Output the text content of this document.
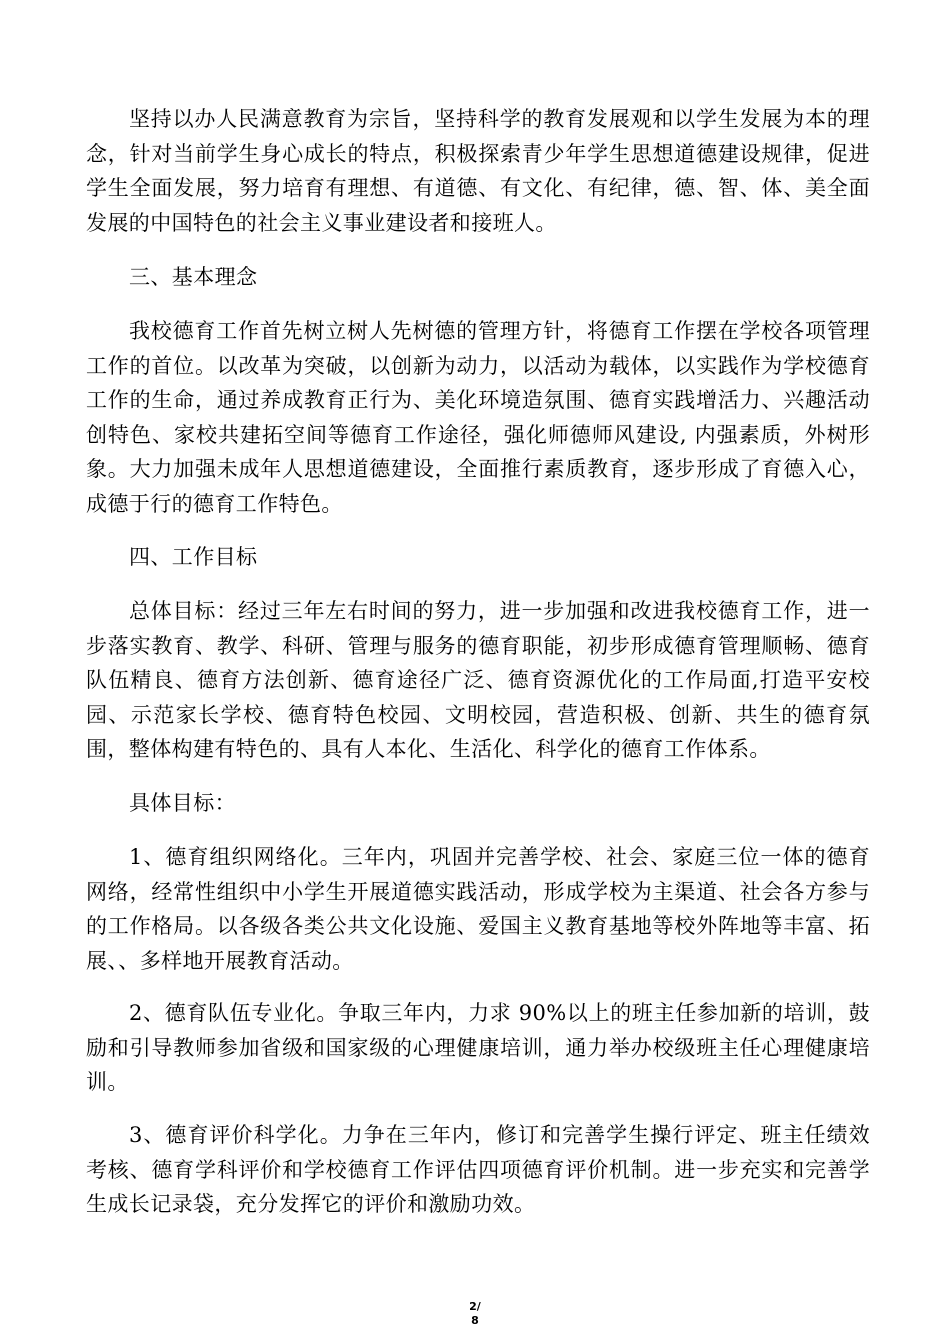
坚持以办人民满意教育为宗旨，坚持科学的教育发展观和以学生发展为本的理念，针对当前学生身心成长的特点，积极探索青少年学生思想道德建设规律，促进学生全面发展，努力培育有理想、有道德、有文化、有纪律，德、智、体、美全面发展的中国特色的社会主义事业建设者和接班人。

三、基本理念

我校德育工作首先树立树人先树德的管理方针，将德育工作摆在学校各项管理工作的首位。以改革为突破，以创新为动力，以活动为载体，以实践作为学校德育工作的生命，通过养成教育正行为、美化环境造氛围、德育实践增活力、兴趣活动创特色、家校共建拓空间等德育工作途径，强化师德师风建设, 内强素质，外树形象。大力加强未成年人思想道德建设，全面推行素质教育，逐步形成了育德入心，成德于行的德育工作特色。

四、工作目标

总体目标：经过三年左右时间的努力，进一步加强和改进我校德育工作，进一步落实教育、教学、科研、管理与服务的德育职能，初步形成德育管理顺畅、德育队伍精良、德育方法创新、德育途径广泛、德育资源优化的工作局面,打造平安校园、示范家长学校、德育特色校园、文明校园，营造积极、创新、共生的德育氛围，整体构建有特色的、具有人本化、生活化、科学化的德育工作体系。

具体目标：

1、德育组织网络化。三年内，巩固并完善学校、社会、家庭三位一体的德育网络，经常性组织中小学生开展道德实践活动，形成学校为主渠道、社会各方参与的工作格局。以各级各类公共文化设施、爱国主义教育基地等校外阵地等丰富、拓展、、多样地开展教育活动。

2、德育队伍专业化。争取三年内，力求 90%以上的班主任参加新的培训，鼓励和引导教师参加省级和国家级的心理健康培训，通力举办校级班主任心理健康培训。

3、德育评价科学化。力争在三年内，修订和完善学生操行评定、班主任绩效考核、德育学科评价和学校德育工作评估四项德育评价机制。进一步充实和完善学生成长记录袋，充分发挥它的评价和激励功效。

2/
8
